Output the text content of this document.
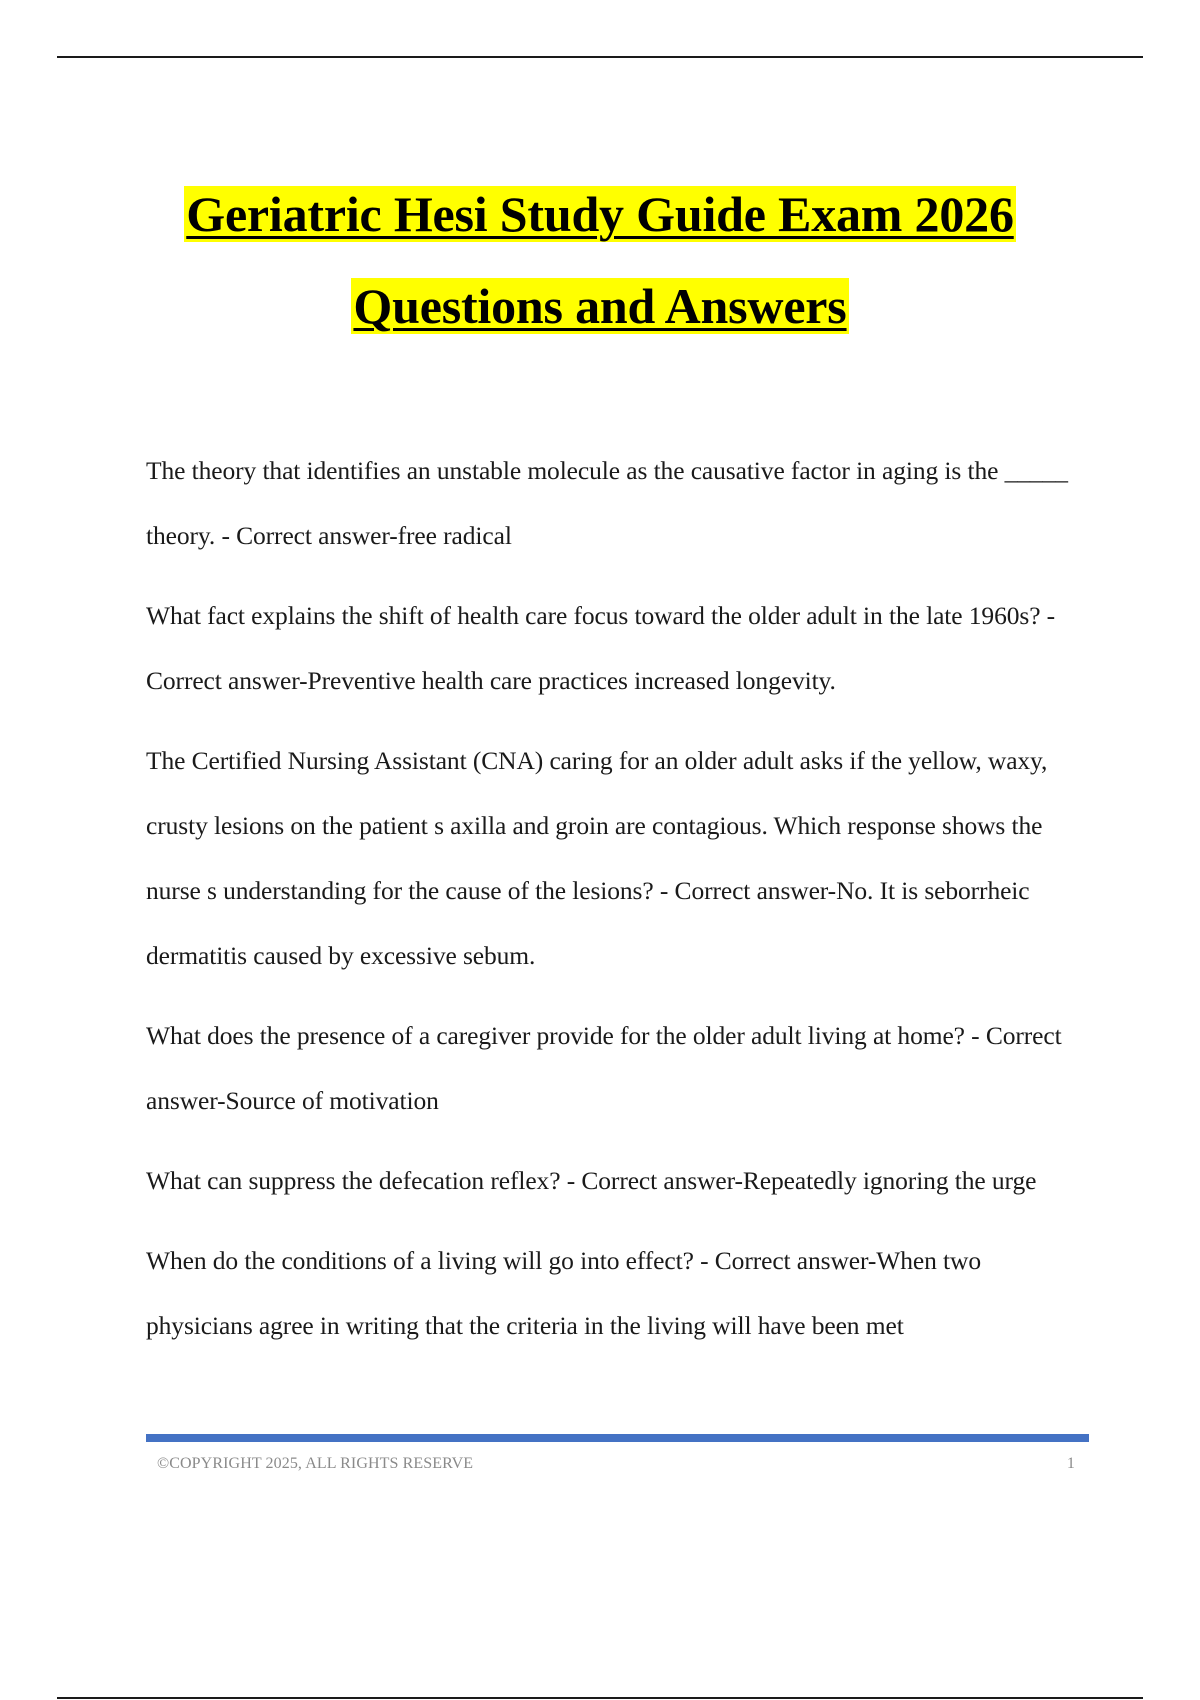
Geriatric Hesi Study Guide Exam 2026
Questions and Answers
The theory that identifies an unstable molecule as the causative factor in aging is the _____ theory. - Correct answer-free radical
What fact explains the shift of health care focus toward the older adult in the late 1960s? - Correct answer-Preventive health care practices increased longevity.
The Certified Nursing Assistant (CNA) caring for an older adult asks if the yellow, waxy, crusty lesions on the patient s axilla and groin are contagious. Which response shows the nurse s understanding for the cause of the lesions? - Correct answer-No. It is seborrheic dermatitis caused by excessive sebum.
What does the presence of a caregiver provide for the older adult living at home? - Correct answer-Source of motivation
What can suppress the defecation reflex? - Correct answer-Repeatedly ignoring the urge
When do the conditions of a living will go into effect? - Correct answer-When two physicians agree in writing that the criteria in the living will have been met
©COPYRIGHT 2025, ALL RIGHTS RESERVE	1
